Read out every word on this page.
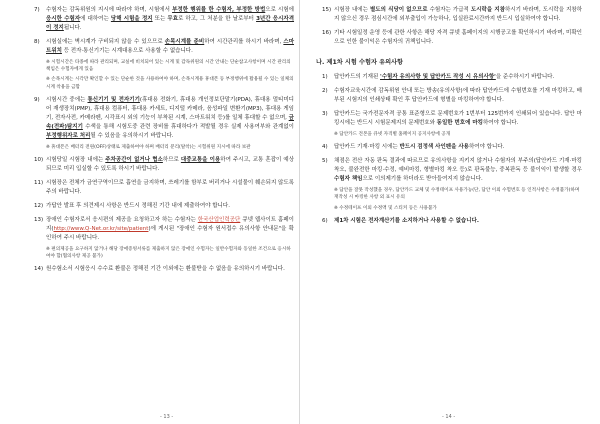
7)	수험자는 감독위원의 지시에 따라야 하며, 시험에서 부정한 행위를 한 수험자, 부정한 방법으로 시험에 응시한 수험자에 대하여는 당해 시험을 정지 또는 무효로 하고, 그 처분을 한 날로부터 3년간 응시자격이 정지됩니다.
8)	시험실에는 벽시계가 구비되지 않을 수 있으므로 손목시계를 준비하여 시간관리를 하시기 바라며, 스마트워치 등 전자·통신기기는 시계대용으로 사용할 수 없습니다.
※ 시험시간은 타종에 따라 관리되며, 교실에 비치되어 있는 시계 및 감독위원의 시간 안내는 단순참고사항이며 시간 관리의 책임은 수험자에게 있음
※ 손목시계는 시각만 확인할 수 있는 단순한 것을 사용하여야 하며, 손목시계용 휴대폰 등 부정행위에 활용될 수 있는 일체의 시계 착용을 금함
9)	시험시간 중에는 통신기기 및 전자기기(휴대용 전화기, 휴대용 개인정보단말기(PDA), 휴대용 멀티미디어 재생장치(PMP), 휴대용 컴퓨터, 휴대용 카세트, 디지털 카메라, 음성파일 변환기(MP3), 휴대용 게임기, 전자사전, 카메라펜, 시각표시 외의 기능이 부착된 시계, 스마트워치 등)를 일체 휴대할 수 없으며, 금속(전파)탐지기 수색을 통해 시험도중 관련 장비를 휴대하다가 적발될 경우 실제 사용여부와 관계없이 부정행위자로 처리될 수 있음을 유의하시기 바랍니다.
※ 휴대폰은 배터리 전원(OFF)상태로 제출하여야 하며 배터리 분리(탈착)는 시험위원 지시에 따라 보관
10) 시험당일 시험장 내에는 주차공간이 없거나 협소하므로 대중교통을 이용하여 주시고, 교통 혼잡이 예상되므로 미리 입실할 수 있도록 하시기 바랍니다.
11) 시험장은 전체가 금연구역이므로 흡연을 금지하며, 쓰레기를 함부로 버리거나 시설물이 훼손되지 않도록 주의 바랍니다.
12) 가답안 발표 후 의견제시 사항은 반드시 정해진 기간 내에 제출하여야 합니다.
13) 장애인 수험자로서 응시편의 제공을 요청하고자 하는 수험자는 한국산업인력공단 큐넷 웹사이트 홈페이지(http://www.Q-Net.or.kr/site/patient)에 게시된 "장애인 수험자 원서접수 유의사항 안내문"을 확인하여 주시 바랍니다.
※ 편의제공을 요구하지 않거나 해당 장애증빙서류를 제출하지 않은 장애인 수험자는 일반수험자와 동일한 조건으로 응시하여야 합(협의사항 제공 불가)
14) 원수험소서 시험응시 수수료 환불은 정해진 기간 이외에는 환불받을 수 없음을 유의하시기 바랍니다.
- 13 -
15) 시험장 내에는 별도의 식당이 없으므로 수험자는 가급적 도시락을 지참하시기 바라며, 도시락을 지참하지 않으신 경우 점심시간에 외부출입이 가능하나, 입실완료시간까지 반드시 입실하여야 합니다.
16) 기타 시험일정 운영 등에 관한 사항은 해당 자격 큐넷 홈페이지의 시행공고를 확인하시기 바라며, 미확인으로 인한 불이익은 수험자의 귀책입니다.
나. 제1차 시험 수험자 유의사항
1)	답안카드의 기재된 '수험자 유의사항 및 답안카드 작성 시 유의사항'을 준수하시기 바랍니다.
2)	수험자교육시간에 감독위원 안내 또는 방송(유의사항)에 따라 답안카드에 수험번호를 기재 마킹하고, 배부된 시험지의 인쇄상태 확인 후 답안카드에 형별을 마킹하여야 합니다.
3)	답안카드는 국가전문자격 공통 표준형으로 문제번호가 1번부터 125번까지 인쇄되어 있습니다. 답안 마킹시에는 반드시 시험문제지의 문제번호와 동일한 번호에 마킹하여야 합니다.
※ 답안카드 견본을 큐넷 자격별 홈페이지 공지사항에 공개
4)	답안카드 기재·마킹 시에는 반드시 검정색 사인펜을 사용하여야 합니다.
5)	채점은 전산 자동 판독 결과에 따르므로 유의사항을 지키지 않거나 수험자의 부주의(답안카드 기재·마킹착오, 불완전한 마킹·수정, 예비마킹, 형별마킹 착오 등)로 판독불능, 중복판독 등 불이익이 발생할 경우 수험자 책임으로 이의제기를 하더라도 받아들여지지 않습니다.
※ 답안을 잘못 작성했을 경우, 답안카드 교체 및 수정테이프 사용가능(단, 답안 이외 수험번호 등 인적사항은 수정불가)하며 재작성 시 마킹한 사항 외 표시 유의
※ 수정테이프 이외 수정액 및 스티커 등은 사용불가
6)	제1차 시험은 전자계산기를 소지하거나 사용할 수 없습니다.
- 14 -
